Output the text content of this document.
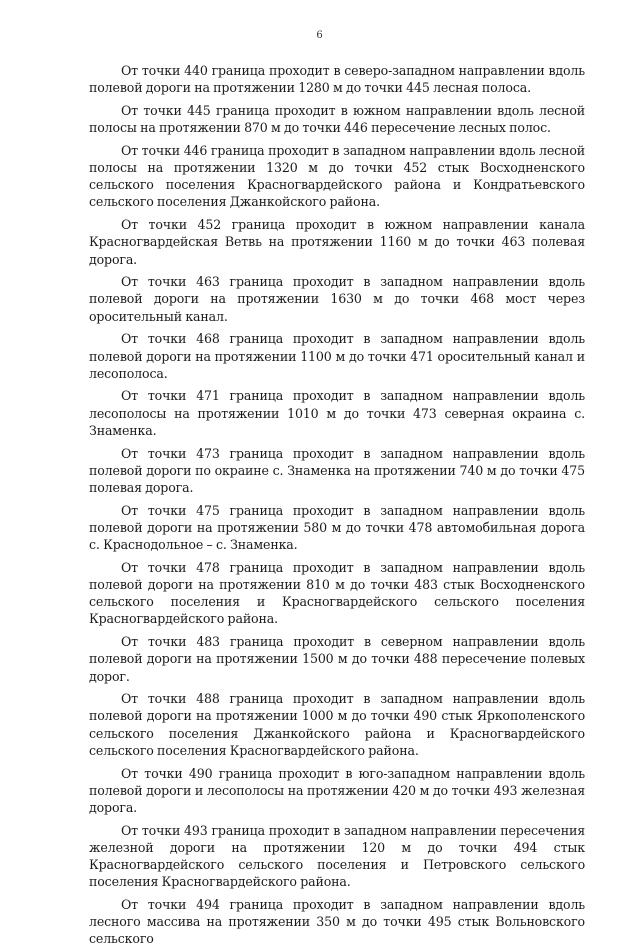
6

От точки 440 граница проходит в северо-западном направлении вдоль полевой дороги на протяжении 1280 м до точки 445 лесная полоса.

От точки 445 граница проходит в южном направлении вдоль лесной полосы на протяжении 870 м до точки 446 пересечение лесных полос.

От точки 446 граница проходит в западном направлении вдоль лесной полосы на протяжении 1320 м до точки 452 стык Восходненского сельского поселения Красногвардейского района и Кондратьевского сельского поселения Джанкойского района.

От точки 452 граница проходит в южном направлении канала Красногвардейская Ветвь на протяжении 1160 м до точки 463 полевая дорога.

От точки 463 граница проходит в западном направлении вдоль полевой дороги на протяжении 1630 м до точки 468 мост через оросительный канал.

От точки 468 граница проходит в западном направлении вдоль полевой дороги на протяжении 1100 м до точки 471 оросительный канал и лесополоса.

От точки 471 граница проходит в западном направлении вдоль лесополосы на протяжении 1010 м до точки 473 северная окраина с. Знаменка.

От точки 473 граница проходит в западном направлении вдоль полевой дороги по окраине с. Знаменка на протяжении 740 м до точки 475 полевая дорога.

От точки 475 граница проходит в западном направлении вдоль полевой дороги на протяжении 580 м до точки 478 автомобильная дорога с. Краснодольное – с. Знаменка.

От точки 478 граница проходит в западном направлении вдоль полевой дороги на протяжении 810 м до точки 483 стык Восходненского сельского поселения и Красногвардейского сельского поселения Красногвардейского района.

От точки 483 граница проходит в северном направлении вдоль полевой дороги на протяжении 1500 м до точки 488 пересечение полевых дорог.

От точки 488 граница проходит в западном направлении вдоль полевой дороги на протяжении 1000 м до точки 490 стык Яркополенского сельского поселения Джанкойского района и Красногвардейского сельского поселения Красногвардейского района.

От точки 490 граница проходит в юго-западном направлении вдоль полевой дороги и лесополосы на протяжении 420 м до точки 493 железная дорога.

От точки 493 граница проходит в западном направлении пересечения железной дороги на протяжении 120 м до точки 494 стык Красногвардейского сельского поселения и Петровского сельского поселения Красногвардейского района.

От точки 494 граница проходит в западном направлении вдоль лесного массива на протяжении 350 м до точки 495 стык Вольновского сельского
